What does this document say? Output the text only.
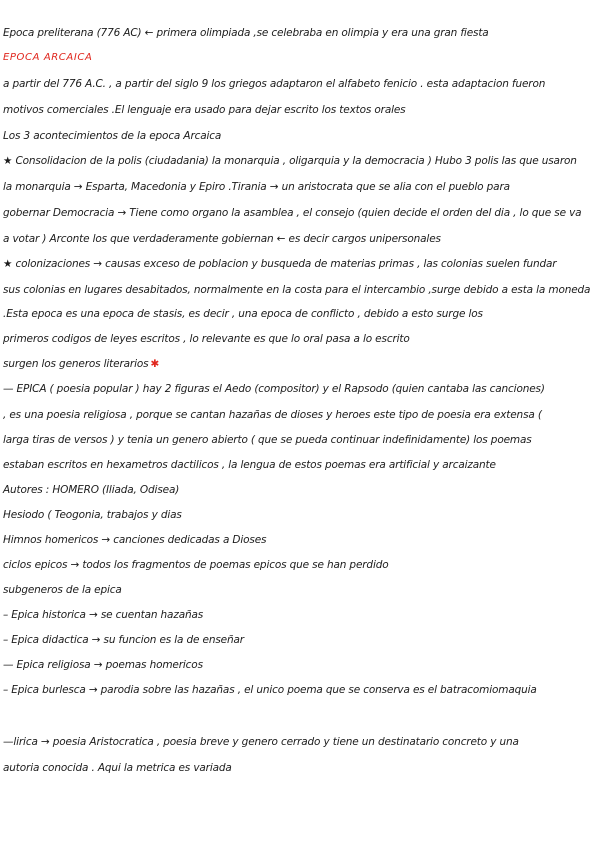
Epoca preliterana (776 AC) ← primera olimpiada ,se celebraba en olimpia y era una gran fiesta
EPOCA ARCAICA
a partir del 776 A.C. , a partir del siglo 9 los griegos adaptaron el alfabeto fenicio . esta adaptacion fueron
motivos comerciales .El lenguaje era usado para dejar escrito los textos orales
Los 3 acontecimientos de la epoca Arcaica
★ Consolidacion de la polis (ciudadania) la monarquia , oligarquia y la democracia ) Hubo 3 polis las que usaron
la monarquia → Esparta, Macedonia y Epiro .Tirania → un aristocrata que se alia con el pueblo para
gobernar Democracia → Tiene como organo la asamblea , el consejo (quien decide el orden del dia , lo que se va
a votar ) Arconte los que verdaderamente gobiernan ← es decir cargos unipersonales
★ colonizaciones → causas exceso de poblacion y busqueda de materias primas , las colonias suelen fundar
sus colonias en lugares desabitados, normalmente en la costa para el intercambio ,surge debido a esta la moneda
.Esta epoca es una epoca de stasis, es decir , una epoca de conflicto , debido a esto surge los
primeros codigos de leyes escritos , lo relevante es que lo oral pasa a lo escrito
surgen los generos literarios ✱
— EPICA ( poesia popular ) hay 2 figuras el Aedo (compositor) y el Rapsodo (quien cantaba las canciones)
, es una poesia religiosa , porque se cantan hazañas de dioses y heroes este tipo de poesia era extensa (
larga tiras de versos ) y tenia un genero abierto ( que se pueda continuar indefinidamente) los poemas
estaban escritos en hexametros dactilicos , la lengua de estos poemas era artificial y arcaizante
Autores : HOMERO (Iliada, Odisea)
Hesiodo ( Teogonia, trabajos y dias
Himnos homericos → canciones dedicadas a Dioses
ciclos epicos → todos los fragmentos de poemas epicos que se han perdido
subgeneros de la epica
– Epica historica → se cuentan hazañas
– Epica didactica → su funcion es la de enseñar
— Epica religiosa → poemas homericos
– Epica burlesca → parodia sobre las hazañas , el unico poema que se conserva es el batracomiomaquia
—lirica → poesia Aristocratica , poesia breve y genero cerrado y tiene un destinatario concreto y una
autoria conocida . Aqui la metrica es variada
